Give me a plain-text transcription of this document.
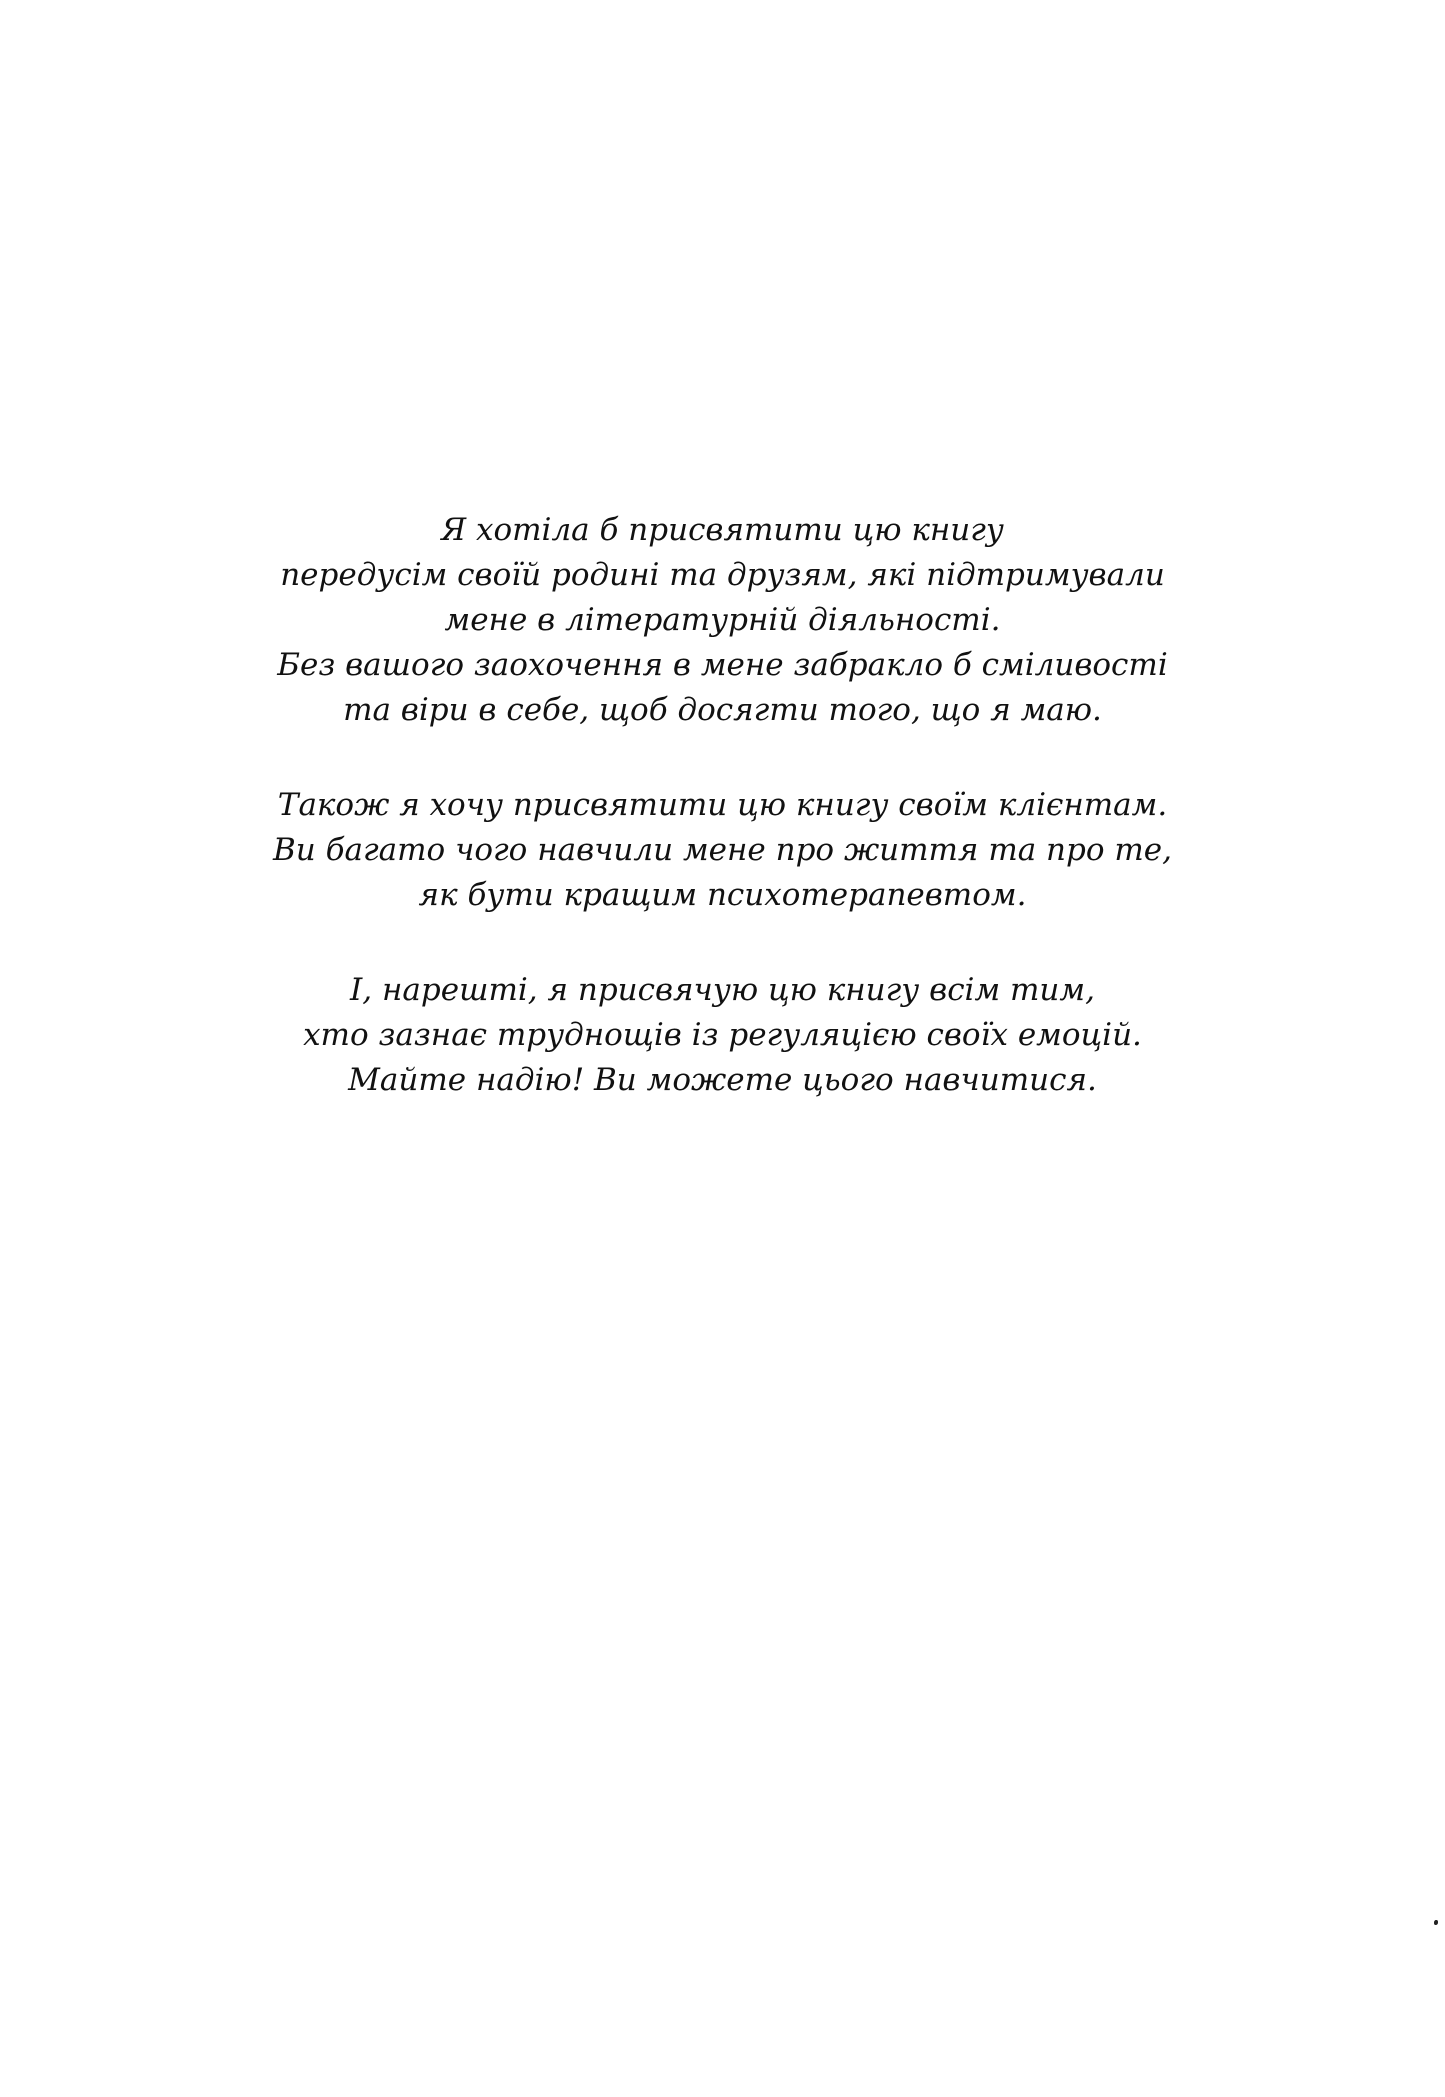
Я хотіла б присвятити цю книгу
передусім своїй родині та друзям, які підтримували
мене в літературній діяльності.
Без вашого заохочення в мене забракло б сміливості
та віри в себе, щоб досягти того, що я маю.

Також я хочу присвятити цю книгу своїм клієнтам.
Ви багато чого навчили мене про життя та про те,
як бути кращим психотерапевтом.

І, нарешті, я присвячую цю книгу всім тим,
хто зазнає труднощів із регуляцією своїх емоцій.
Майте надію! Ви можете цього навчитися.
